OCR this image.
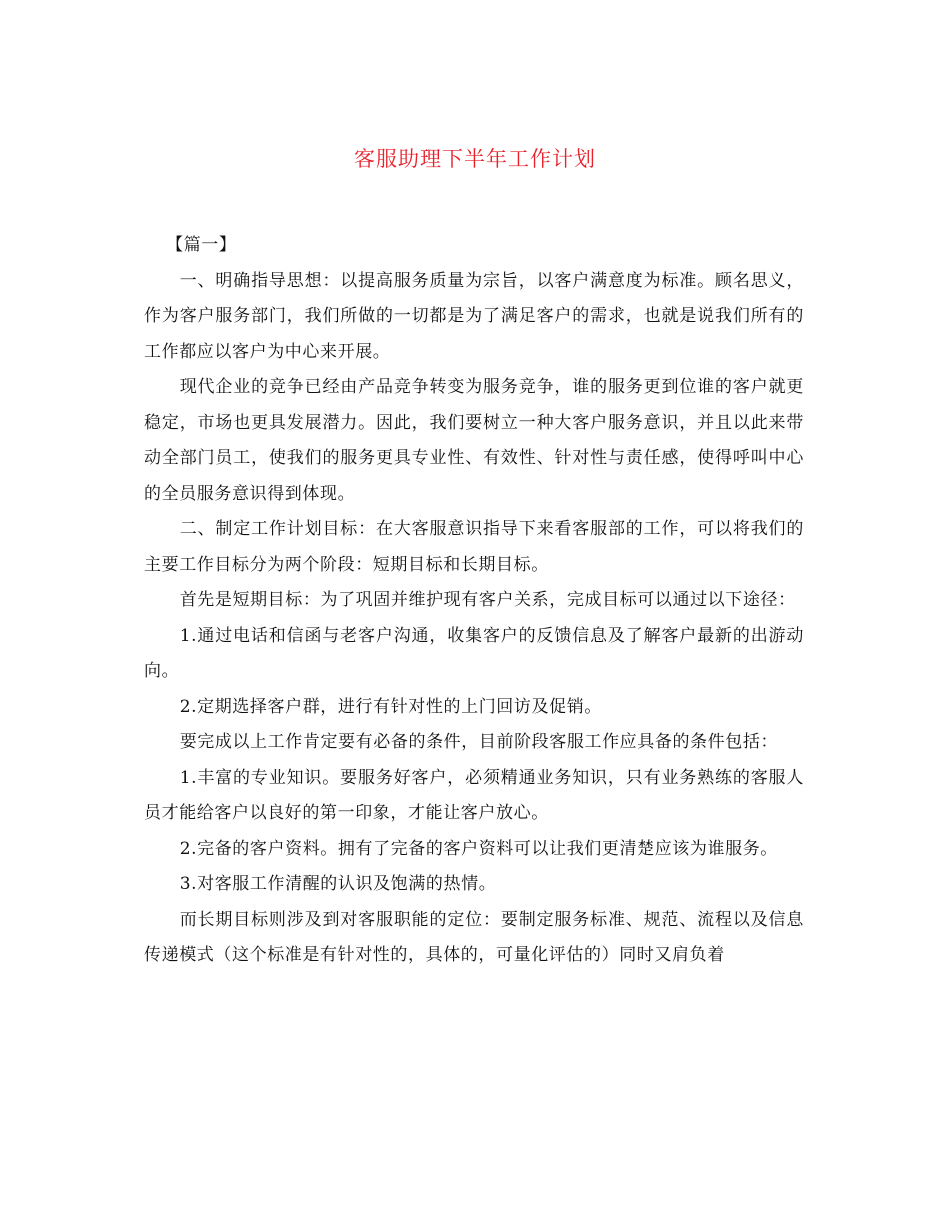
客服助理下半年工作计划

【篇一】

一、明确指导思想：以提高服务质量为宗旨，以客户满意度为标准。顾名思义，作为客户服务部门，我们所做的一切都是为了满足客户的需求，也就是说我们所有的工作都应以客户为中心来开展。

现代企业的竞争已经由产品竞争转变为服务竞争，谁的服务更到位谁的客户就更稳定，市场也更具发展潜力。因此，我们要树立一种大客户服务意识，并且以此来带动全部门员工，使我们的服务更具专业性、有效性、针对性与责任感，使得呼叫中心的全员服务意识得到体现。

二、制定工作计划目标：在大客服意识指导下来看客服部的工作，可以将我们的主要工作目标分为两个阶段：短期目标和长期目标。

首先是短期目标：为了巩固并维护现有客户关系，完成目标可以通过以下途径：

1.通过电话和信函与老客户沟通，收集客户的反馈信息及了解客户最新的出游动向。

2.定期选择客户群，进行有针对性的上门回访及促销。

要完成以上工作肯定要有必备的条件，目前阶段客服工作应具备的条件包括：

1.丰富的专业知识。要服务好客户，必须精通业务知识，只有业务熟练的客服人员才能给客户以良好的第一印象，才能让客户放心。

2.完备的客户资料。拥有了完备的客户资料可以让我们更清楚应该为谁服务。

3.对客服工作清醒的认识及饱满的热情。

而长期目标则涉及到对客服职能的定位：要制定服务标准、规范、流程以及信息传递模式（这个标准是有针对性的，具体的，可量化评估的）同时又肩负着
